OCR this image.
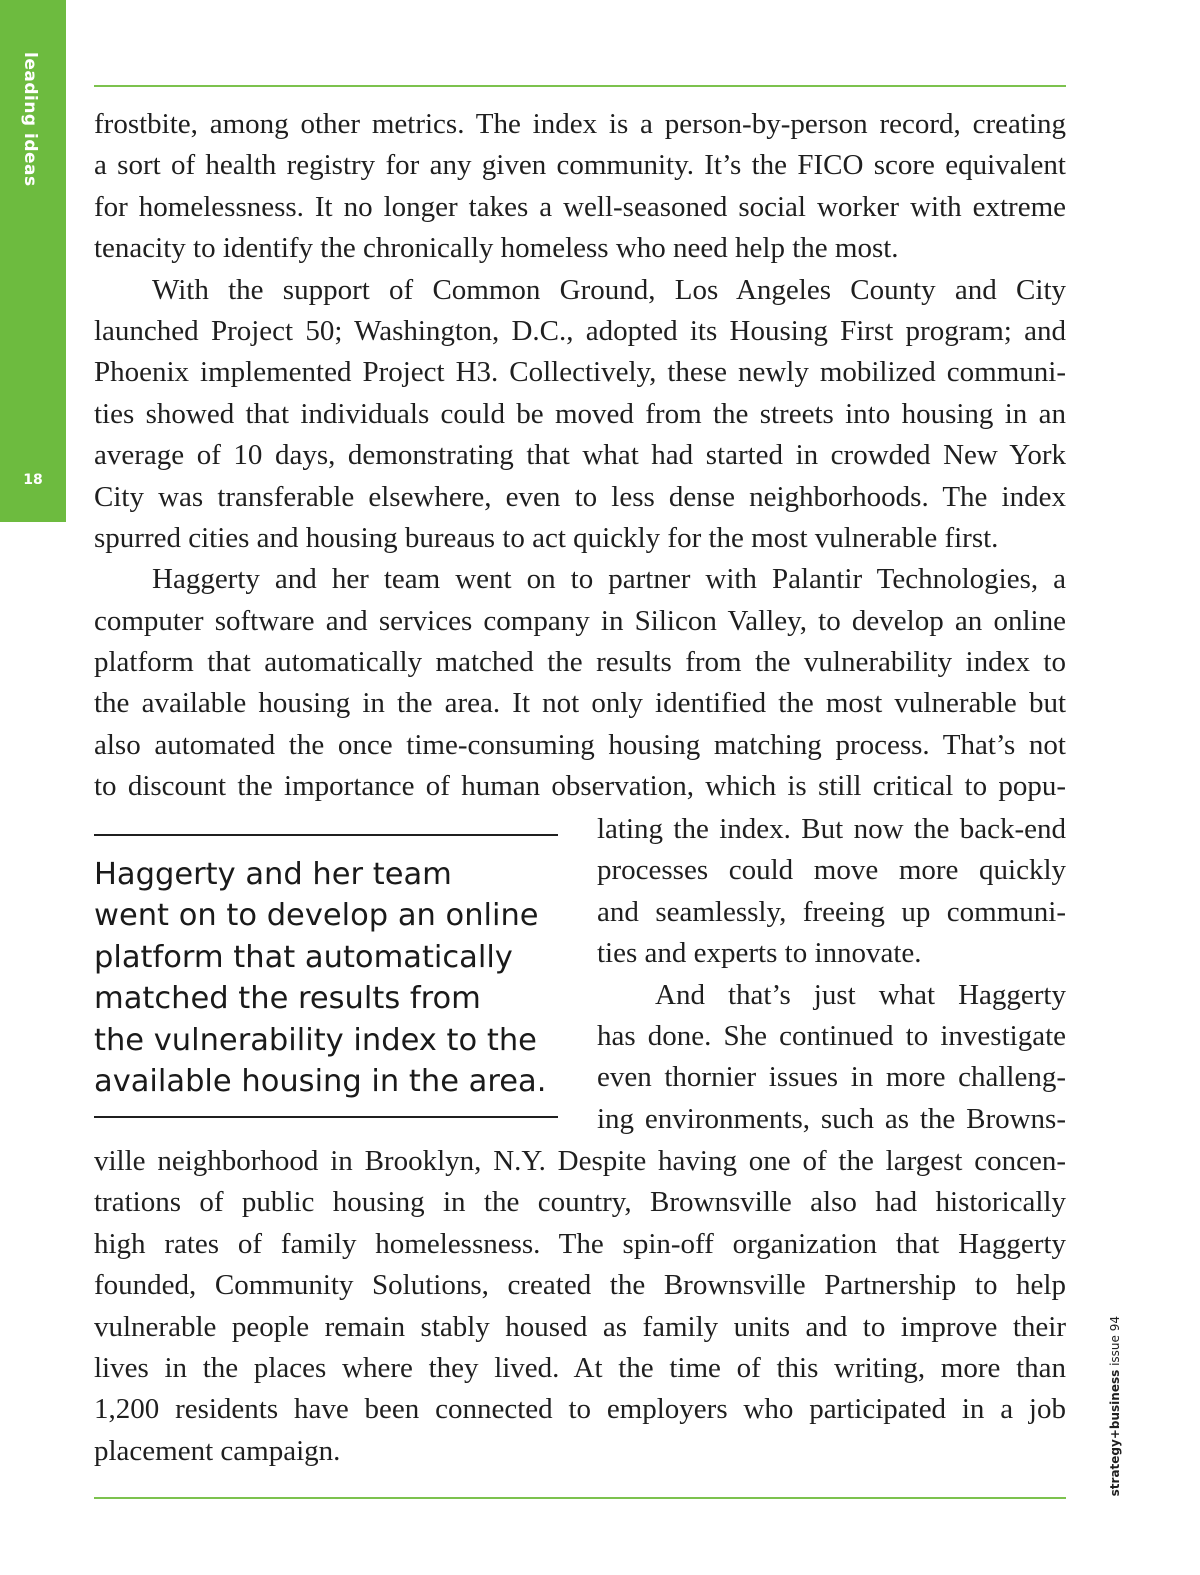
leading ideas
18
frostbite, among other metrics. The index is a person-by-person record, creating
a sort of health registry for any given community. It’s the FICO score equivalent
for homelessness. It no longer takes a well-seasoned social worker with extreme
tenacity to identify the chronically homeless who need help the most.
With the support of Common Ground, Los Angeles County and City
launched Project 50; Washington, D.C., adopted its Housing First program; and
Phoenix implemented Project H3. Collectively, these newly mobilized communi-
ties showed that individuals could be moved from the streets into housing in an
average of 10 days, demonstrating that what had started in crowded New York
City was transferable elsewhere, even to less dense neighborhoods. The index
spurred cities and housing bureaus to act quickly for the most vulnerable first.
Haggerty and her team went on to partner with Palantir Technologies, a
computer software and services company in Silicon Valley, to develop an online
platform that automatically matched the results from the vulnerability index to
the available housing in the area. It not only identified the most vulnerable but
also automated the once time-consuming housing matching process. That’s not
to discount the importance of human observation, which is still critical to popu-
Haggerty and her team
went on to develop an online
platform that automatically
matched the results from
the vulnerability index to the
available housing in the area.
lating the index. But now the back-end
processes could move more quickly
and seamlessly, freeing up communi-
ties and experts to innovate.
And that’s just what Haggerty
has done. She continued to investigate
even thornier issues in more challeng-
ing environments, such as the Browns-
ville neighborhood in Brooklyn, N.Y. Despite having one of the largest concen-
trations of public housing in the country, Brownsville also had historically
high rates of family homelessness. The spin-off organization that Haggerty
founded, Community Solutions, created the Brownsville Partnership to help
vulnerable people remain stably housed as family units and to improve their
lives in the places where they lived. At the time of this writing, more than
1,200 residents have been connected to employers who participated in a job
placement campaign.	strategy+business issue 94
